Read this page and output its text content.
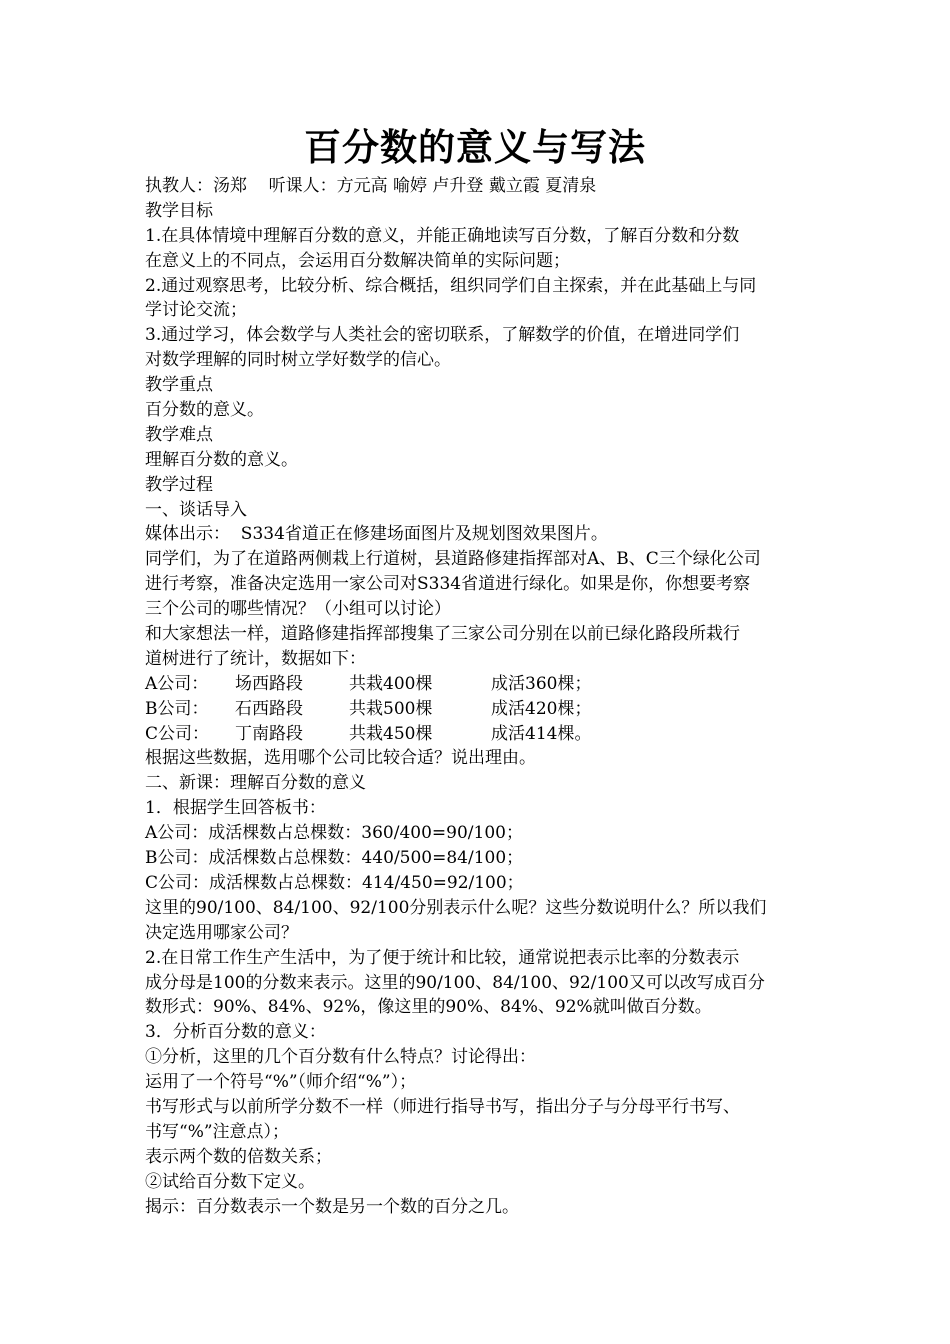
百分数的意义与写法
执教人：汤郑    听课人：方元高 喻婷 卢升登 戴立霞 夏清泉
教学目标
1.在具体情境中理解百分数的意义，并能正确地读写百分数，了解百分数和分数
在意义上的不同点，会运用百分数解决简单的实际问题；
2.通过观察思考，比较分析、综合概括，组织同学们自主探索，并在此基础上与同
学讨论交流；
3.通过学习，体会数学与人类社会的密切联系，了解数学的价值，在增进同学们
对数学理解的同时树立学好数学的信心。
教学重点
百分数的意义。
教学难点
理解百分数的意义。
教学过程
一、谈话导入
媒体出示：  S334省道正在修建场面图片及规划图效果图片。
同学们，为了在道路两侧栽上行道树，县道路修建指挥部对A、B、C三个绿化公司
进行考察，准备决定选用一家公司对S334省道进行绿化。如果是你，你想要考察
三个公司的哪些情况？（小组可以讨论）
和大家想法一样，道路修建指挥部搜集了三家公司分别在以前已绿化路段所栽行
道树进行了统计，数据如下：
A公司：	场西路段	共栽400棵	成活360棵；
B公司：	石西路段	共栽500棵	成活420棵；
C公司：	丁南路段	共栽450棵	成活414棵。
根据这些数据，选用哪个公司比较合适？说出理由。
二、新课：理解百分数的意义
1．根据学生回答板书：
A公司：成活棵数占总棵数：360/400=90/100；
B公司：成活棵数占总棵数：440/500=84/100；
C公司：成活棵数占总棵数：414/450=92/100；
这里的90/100、84/100、92/100分别表示什么呢？这些分数说明什么？所以我们
决定选用哪家公司？
2.在日常工作生产生活中，为了便于统计和比较，通常说把表示比率的分数表示
成分母是100的分数来表示。这里的90/100、84/100、92/100又可以改写成百分
数形式：90%、84%、92%，像这里的90%、84%、92%就叫做百分数。
3．分析百分数的意义：
①分析，这里的几个百分数有什么特点？讨论得出：
运用了一个符号“%”（师介绍“%”）；
书写形式与以前所学分数不一样（师进行指导书写，指出分子与分母平行书写、
书写“%”注意点）；
表示两个数的倍数关系；
②试给百分数下定义。
揭示：百分数表示一个数是另一个数的百分之几。
